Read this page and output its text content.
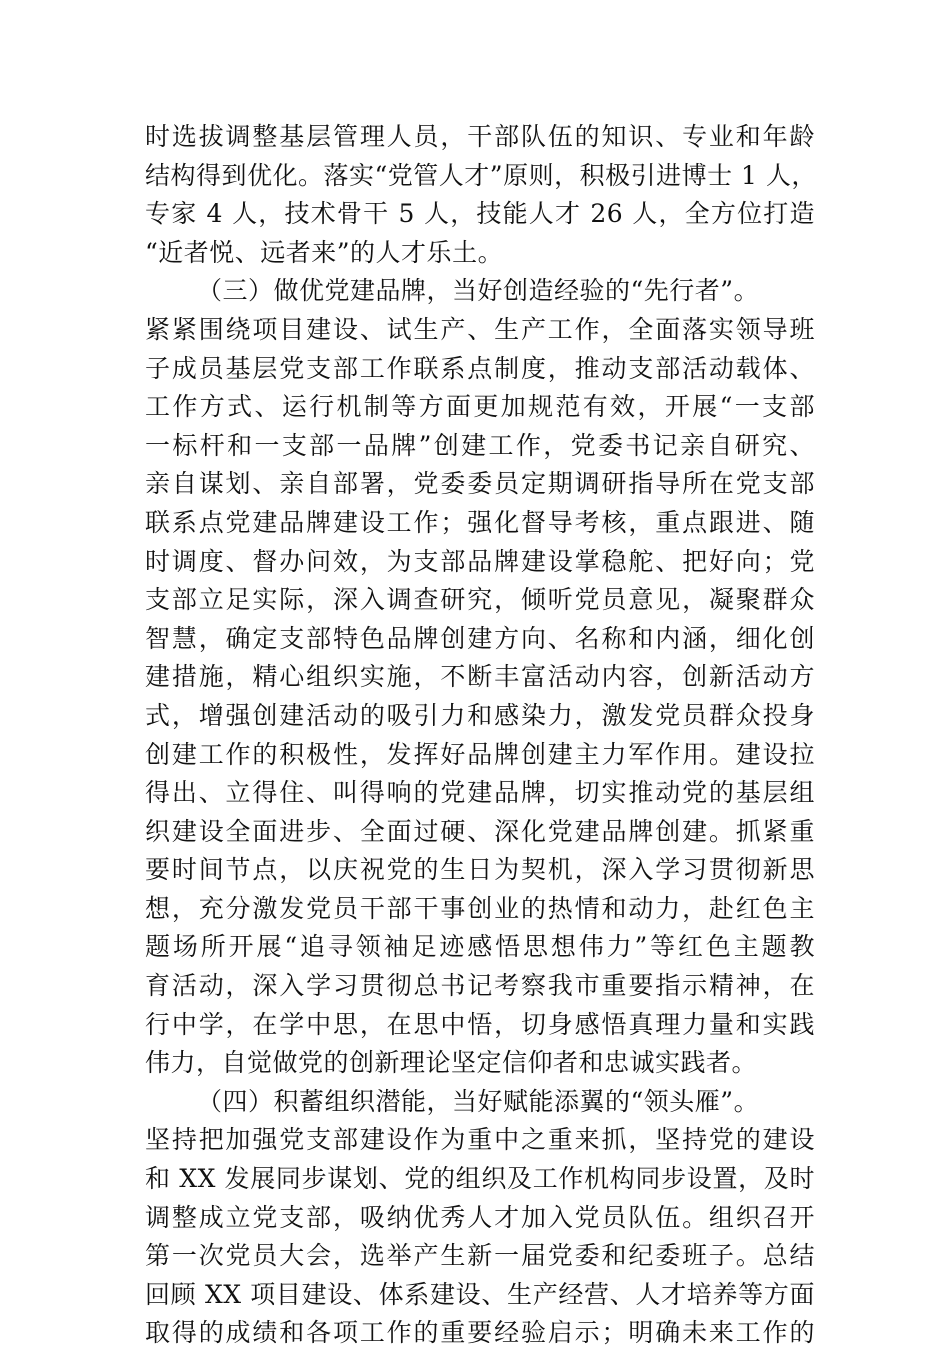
时选拔调整基层管理人员，干部队伍的知识、专业和年龄
结构得到优化。落实“党管人才”原则，积极引进博士 1 人，
专家 4 人，技术骨干 5 人，技能人才 26 人，全方位打造
“近者悦、远者来”的人才乐土。
（三）做优党建品牌，当好创造经验的“先行者”。
紧紧围绕项目建设、试生产、生产工作，全面落实领导班
子成员基层党支部工作联系点制度，推动支部活动载体、
工作方式、运行机制等方面更加规范有效，开展“一支部
一标杆和一支部一品牌”创建工作，党委书记亲自研究、
亲自谋划、亲自部署，党委委员定期调研指导所在党支部
联系点党建品牌建设工作；强化督导考核，重点跟进、随
时调度、督办问效，为支部品牌建设掌稳舵、把好向；党
支部立足实际，深入调查研究，倾听党员意见，凝聚群众
智慧，确定支部特色品牌创建方向、名称和内涵，细化创
建措施，精心组织实施，不断丰富活动内容，创新活动方
式，增强创建活动的吸引力和感染力，激发党员群众投身
创建工作的积极性，发挥好品牌创建主力军作用。建设拉
得出、立得住、叫得响的党建品牌，切实推动党的基层组
织建设全面进步、全面过硬、深化党建品牌创建。抓紧重
要时间节点，以庆祝党的生日为契机，深入学习贯彻新思
想，充分激发党员干部干事创业的热情和动力，赴红色主
题场所开展“追寻领袖足迹感悟思想伟力”等红色主题教
育活动，深入学习贯彻总书记考察我市重要指示精神，在
行中学，在学中思，在思中悟，切身感悟真理力量和实践
伟力，自觉做党的创新理论坚定信仰者和忠诚实践者。
（四）积蓄组织潜能，当好赋能添翼的“领头雁”。
坚持把加强党支部建设作为重中之重来抓，坚持党的建设
和 XX 发展同步谋划、党的组织及工作机构同步设置，及时
调整成立党支部，吸纳优秀人才加入党员队伍。组织召开
第一次党员大会，选举产生新一届党委和纪委班子。总结
回顾 XX 项目建设、体系建设、生产经营、人才培养等方面
取得的成绩和各项工作的重要经验启示；明确未来工作的
